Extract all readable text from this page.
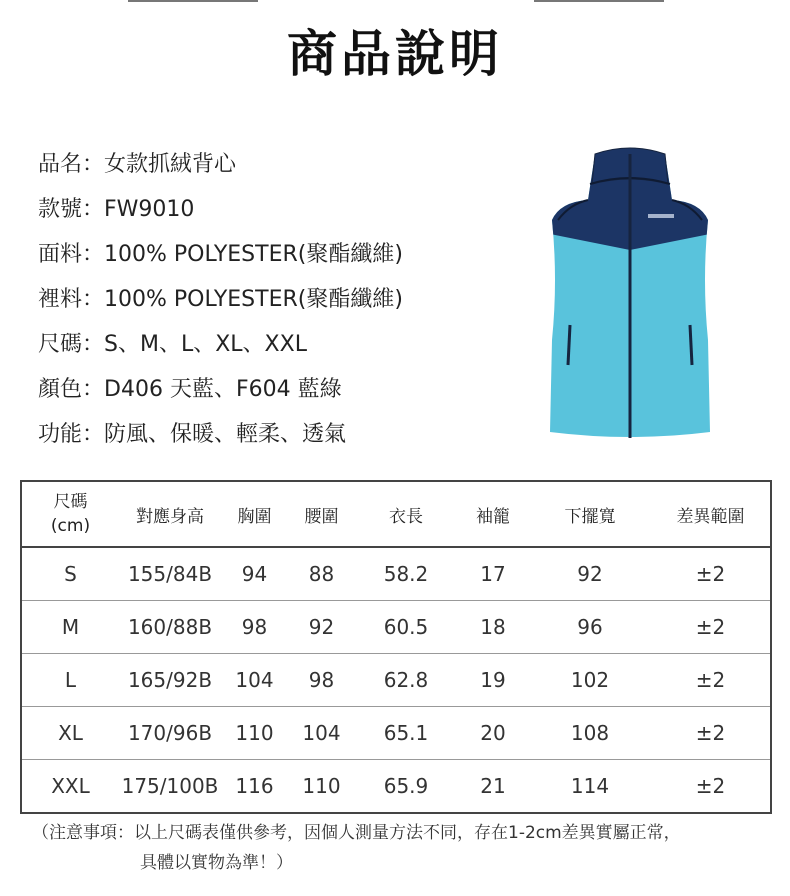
商品說明
品名：女款抓絨背心
款號：FW9010
面料：100% POLYESTER(聚酯纖維)
裡料：100% POLYESTER(聚酯纖維)
尺碼：S、M、L、XL、XXL
顏色：D406 天藍、F604 藍綠
功能：防風、保暖、輕柔、透氣
尺碼
(cm)	對應身高	胸圍	腰圍	衣長	袖籠	下擺寬	差異範圍
S	155/84B	94	88	58.2	17	92	±2
M	160/88B	98	92	60.5	18	96	±2
L	165/92B	104	98	62.8	19	102	±2
XL	170/96B	110	104	65.1	20	108	±2
XXL	175/100B	116	110	65.9	21	114	±2
（注意事項：以上尺碼表僅供參考，因個人測量方法不同，存在1-2cm差異實屬正常，
具體以實物為準！）
